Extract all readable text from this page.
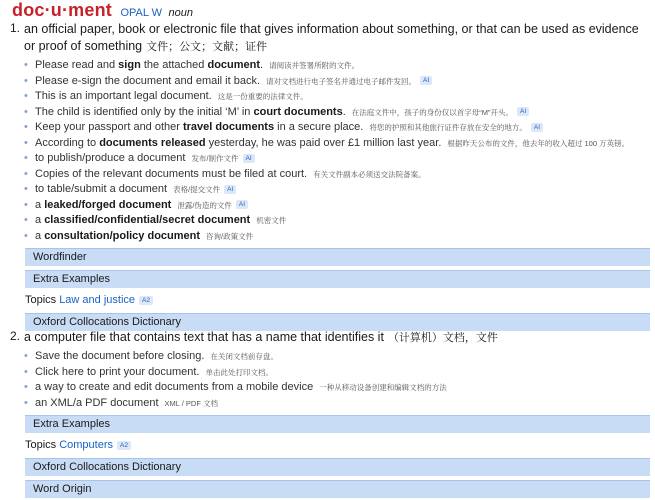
doc·u·ment OPAL W noun
1. an official paper, book or electronic file that gives information about something, or that can be used as evidence or proof of something 文件；公文；文献；证件
• Please read and sign the attached document. 请阅读并签署所附的文件。
• Please e-sign the document and email it back. 请对文档进行电子签名并通过电子邮件发回。 AI
• This is an important legal document. 这是一份重要的法律文件。
• The child is identified only by the initial ‘M’ in court documents. 在法庭文件中，孩子的身份仅以首字母“M”开头。 AI
• Keep your passport and other travel documents in a secure place. 将您的护照和其他旅行证件存放在安全的地方。 AI
• According to documents released yesterday, he was paid over £1 million last year. 根据昨天公布的文件，他去年的收入超过 100 万英镑。
• to publish/produce a document 发布/制作文件 AI
• Copies of the relevant documents must be filed at court. 有关文件副本必须送交法院备案。
• to table/submit a document 表格/提交文件 AI
• a leaked/forged document 泄露/伪造的文件 AI
• a classified/confidential/secret document 机密文件
• a consultation/policy document 咨询/政策文件
Wordfinder
Extra Examples
Topics Law and justice A2
Oxford Collocations Dictionary
2. a computer file that contains text that has a name that identifies it （计算机）文档，文件
• Save the document before closing. 在关闭文档前存盘。
• Click here to print your document. 单击此处打印文档。
• a way to create and edit documents from a mobile device 一种从移动设备创建和编辑文档的方法
• an XML/a PDF document XML / PDF 文档
Extra Examples
Topics Computers A2
Oxford Collocations Dictionary
Word Origin
